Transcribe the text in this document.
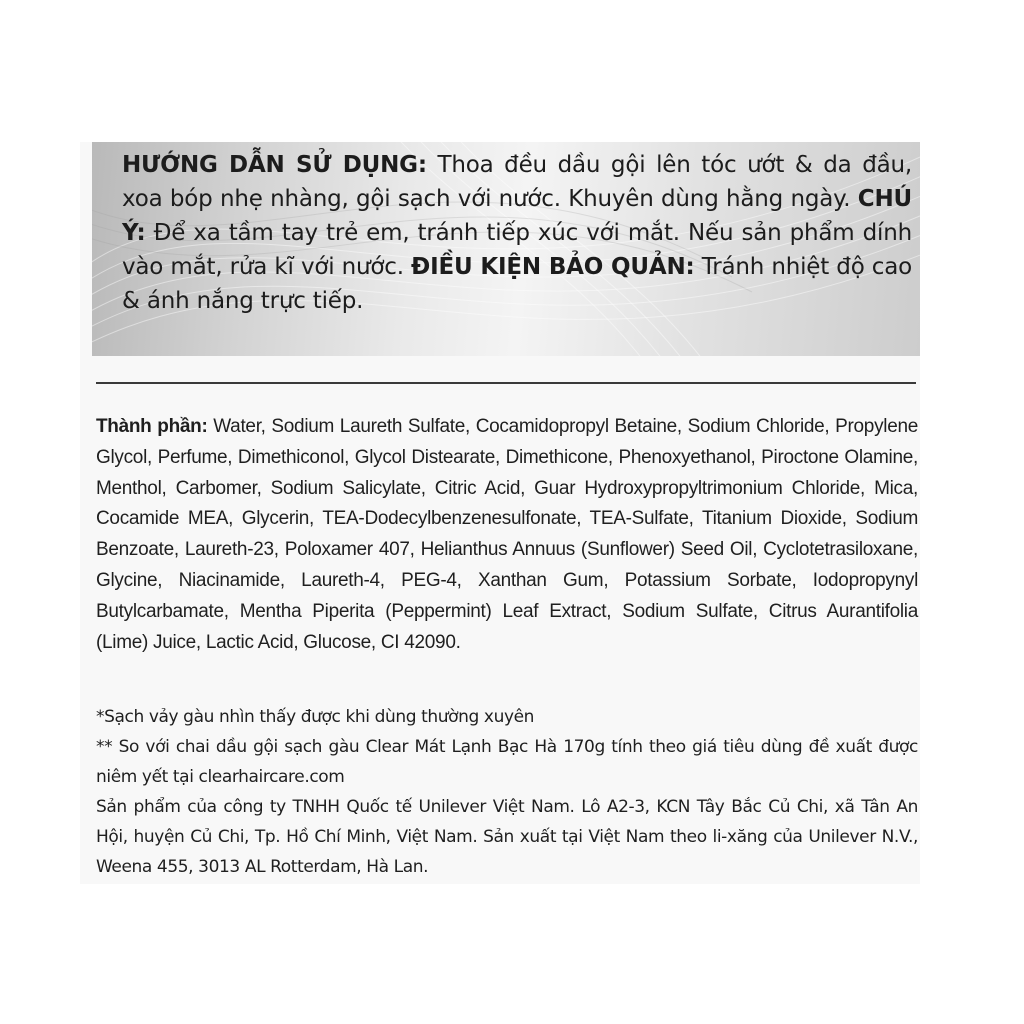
HƯỚNG DẪN SỬ DỤNG: Thoa đều dầu gội lên tóc ướt & da đầu, xoa bóp nhẹ nhàng, gội sạch với nước. Khuyên dùng hằng ngày. CHÚ Ý: Để xa tầm tay trẻ em, tránh tiếp xúc với mắt. Nếu sản phẩm dính vào mắt, rửa kĩ với nước. ĐIỀU KIỆN BẢO QUẢN: Tránh nhiệt độ cao & ánh nắng trực tiếp.

Thành phần: Water, Sodium Laureth Sulfate, Cocamidopropyl Betaine, Sodium Chloride, Propylene Glycol, Perfume, Dimethiconol, Glycol Distearate, Dimethicone, Phenoxyethanol, Piroctone Olamine, Menthol, Carbomer, Sodium Salicylate, Citric Acid, Guar Hydroxypropyltrimonium Chloride, Mica, Cocamide MEA, Glycerin, TEA-Dodecylbenzenesulfonate, TEA-Sulfate, Titanium Dioxide, Sodium Benzoate, Laureth-23, Poloxamer 407, Helianthus Annuus (Sunflower) Seed Oil, Cyclotetrasiloxane, Glycine, Niacinamide, Laureth-4, PEG-4, Xanthan Gum, Potassium Sorbate, Iodopropynyl Butylcarbamate, Mentha Piperita (Peppermint) Leaf Extract, Sodium Sulfate, Citrus Aurantifolia (Lime) Juice, Lactic Acid, Glucose, CI 42090.

*Sạch vảy gàu nhìn thấy được khi dùng thường xuyên

** So với chai dầu gội sạch gàu Clear Mát Lạnh Bạc Hà 170g tính theo giá tiêu dùng đề xuất được niêm yết tại clearhaircare.com

Sản phẩm của công ty TNHH Quốc tế Unilever Việt Nam. Lô A2-3, KCN Tây Bắc Củ Chi, xã Tân An Hội, huyện Củ Chi, Tp. Hồ Chí Minh, Việt Nam. Sản xuất tại Việt Nam theo li-xăng của Unilever N.V., Weena 455, 3013 AL Rotterdam, Hà Lan.
